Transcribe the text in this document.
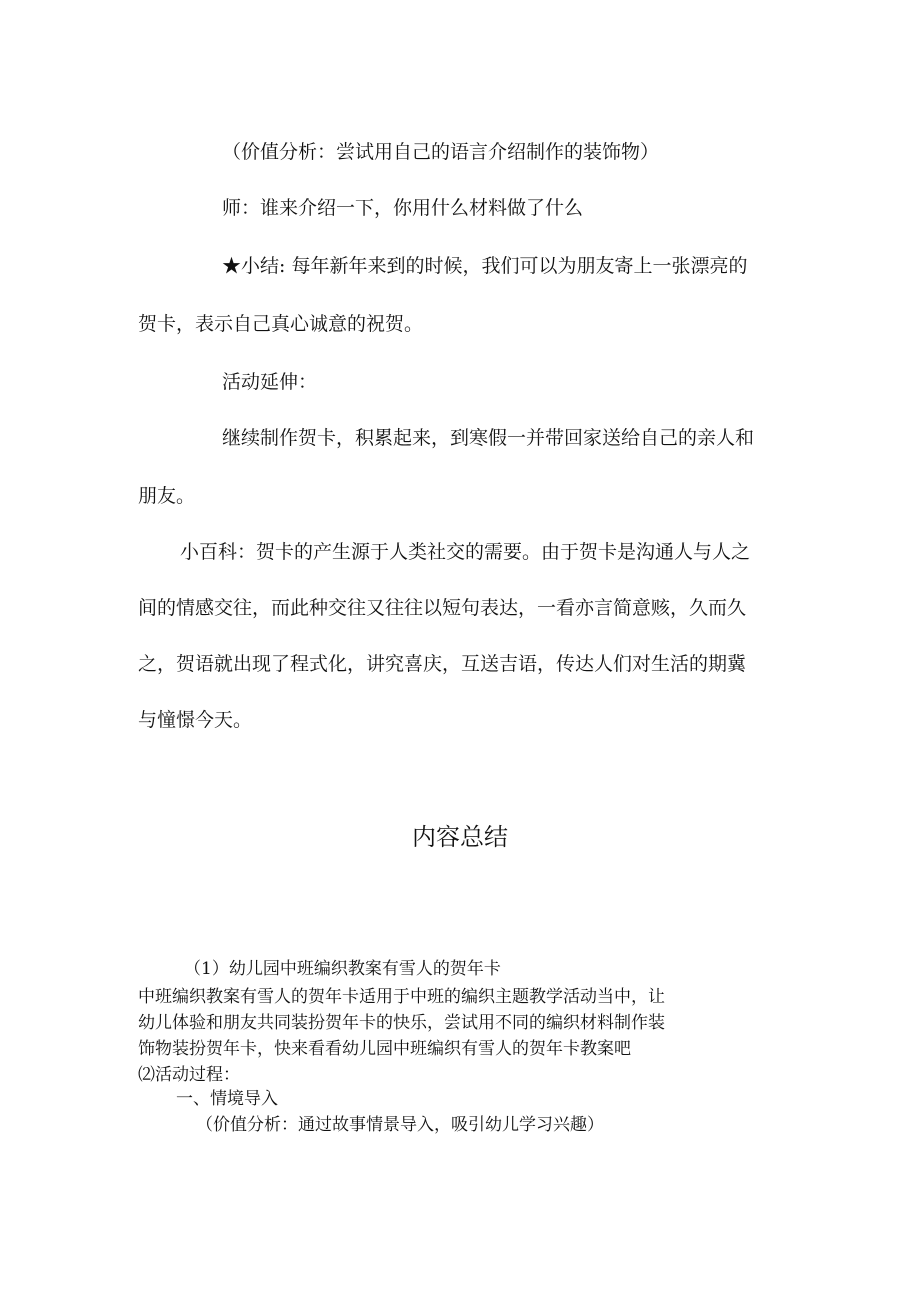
（价值分析：尝试用自己的语言介绍制作的装饰物）
师：谁来介绍一下，你用什么材料做了什么
★小结: 每年新年来到的时候，我们可以为朋友寄上一张漂亮的
贺卡，表示自己真心诚意的祝贺。
活动延伸：
继续制作贺卡，积累起来，到寒假一并带回家送给自己的亲人和
朋友。
小百科：贺卡的产生源于人类社交的需要。由于贺卡是沟通人与人之
间的情感交往，而此种交往又往往以短句表达，一看亦言简意赅，久而久
之，贺语就出现了程式化，讲究喜庆，互送吉语，传达人们对生活的期冀
与憧憬今天。
内容总结
（1）幼儿园中班编织教案有雪人的贺年卡
中班编织教案有雪人的贺年卡适用于中班的编织主题教学活动当中，让
幼儿体验和朋友共同装扮贺年卡的快乐，尝试用不同的编织材料制作装
饰物装扮贺年卡，快来看看幼儿园中班编织有雪人的贺年卡教案吧
⑵活动过程：
一、情境导入
（价值分析：通过故事情景导入，吸引幼儿学习兴趣）
